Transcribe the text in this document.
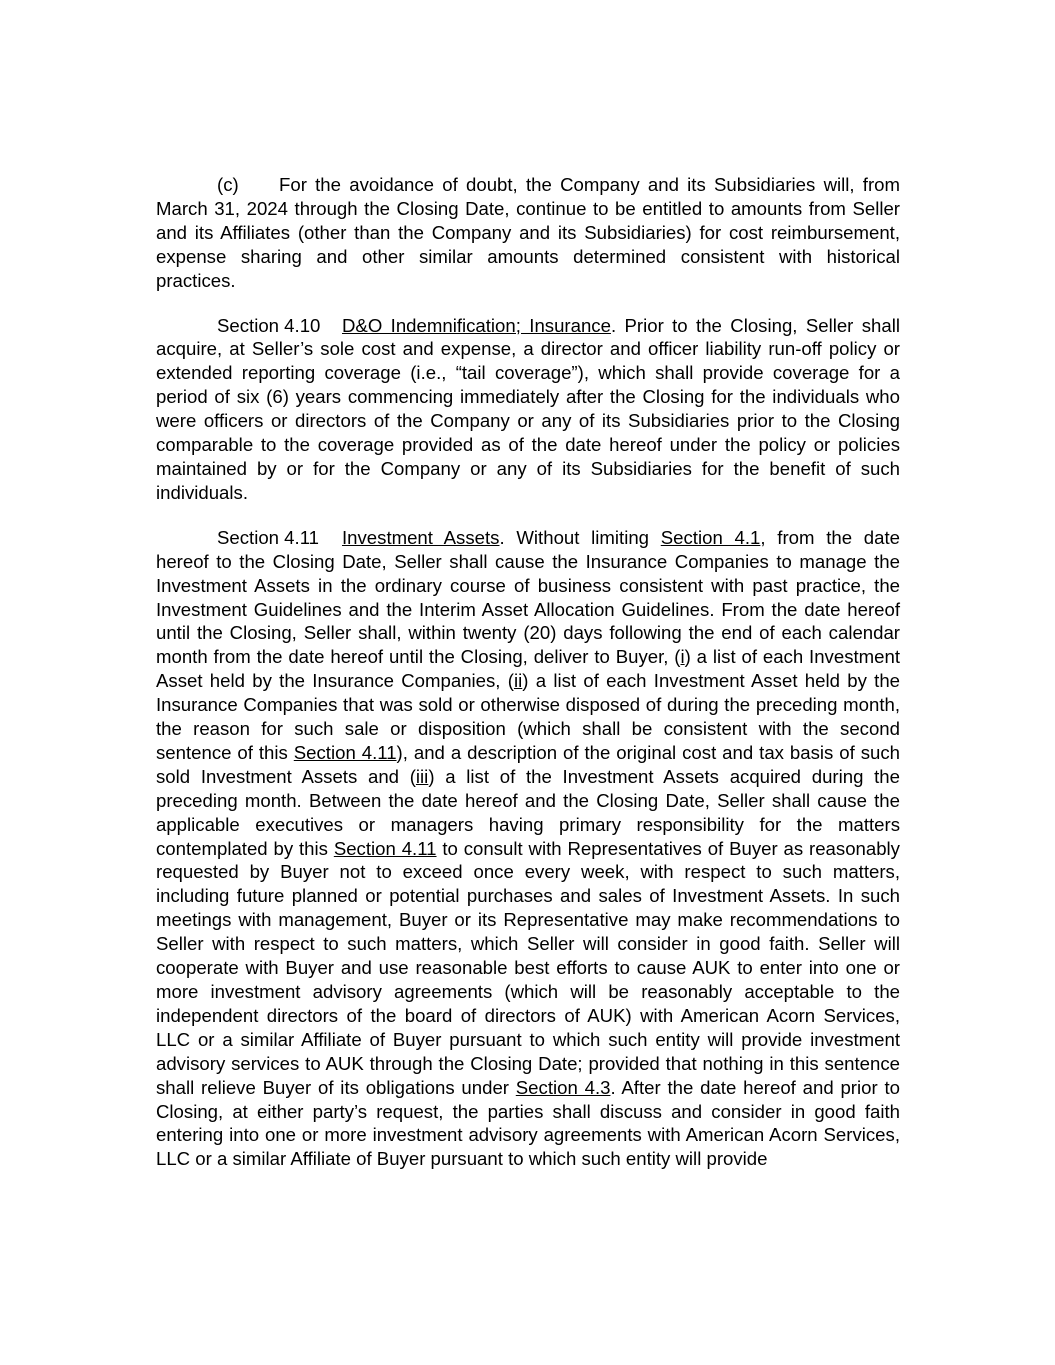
(c) For the avoidance of doubt, the Company and its Subsidiaries will, from March 31, 2024 through the Closing Date, continue to be entitled to amounts from Seller and its Affiliates (other than the Company and its Subsidiaries) for cost reimbursement, expense sharing and other similar amounts determined consistent with historical practices.

Section 4.10 D&O Indemnification; Insurance. Prior to the Closing, Seller shall acquire, at Seller’s sole cost and expense, a director and officer liability run-off policy or extended reporting coverage (i.e., “tail coverage”), which shall provide coverage for a period of six (6) years commencing immediately after the Closing for the individuals who were officers or directors of the Company or any of its Subsidiaries prior to the Closing comparable to the coverage provided as of the date hereof under the policy or policies maintained by or for the Company or any of its Subsidiaries for the benefit of such individuals.

Section 4.11 Investment Assets. Without limiting Section 4.1, from the date hereof to the Closing Date, Seller shall cause the Insurance Companies to manage the Investment Assets in the ordinary course of business consistent with past practice, the Investment Guidelines and the Interim Asset Allocation Guidelines. From the date hereof until the Closing, Seller shall, within twenty (20) days following the end of each calendar month from the date hereof until the Closing, deliver to Buyer, (i) a list of each Investment Asset held by the Insurance Companies, (ii) a list of each Investment Asset held by the Insurance Companies that was sold or otherwise disposed of during the preceding month, the reason for such sale or disposition (which shall be consistent with the second sentence of this Section 4.11), and a description of the original cost and tax basis of such sold Investment Assets and (iii) a list of the Investment Assets acquired during the preceding month. Between the date hereof and the Closing Date, Seller shall cause the applicable executives or managers having primary responsibility for the matters contemplated by this Section 4.11 to consult with Representatives of Buyer as reasonably requested by Buyer not to exceed once every week, with respect to such matters, including future planned or potential purchases and sales of Investment Assets. In such meetings with management, Buyer or its Representative may make recommendations to Seller with respect to such matters, which Seller will consider in good faith. Seller will cooperate with Buyer and use reasonable best efforts to cause AUK to enter into one or more investment advisory agreements (which will be reasonably acceptable to the independent directors of the board of directors of AUK) with American Acorn Services, LLC or a similar Affiliate of Buyer pursuant to which such entity will provide investment advisory services to AUK through the Closing Date; provided that nothing in this sentence shall relieve Buyer of its obligations under Section 4.3. After the date hereof and prior to Closing, at either party’s request, the parties shall discuss and consider in good faith entering into one or more investment advisory agreements with American Acorn Services, LLC or a similar Affiliate of Buyer pursuant to which such entity will provide
